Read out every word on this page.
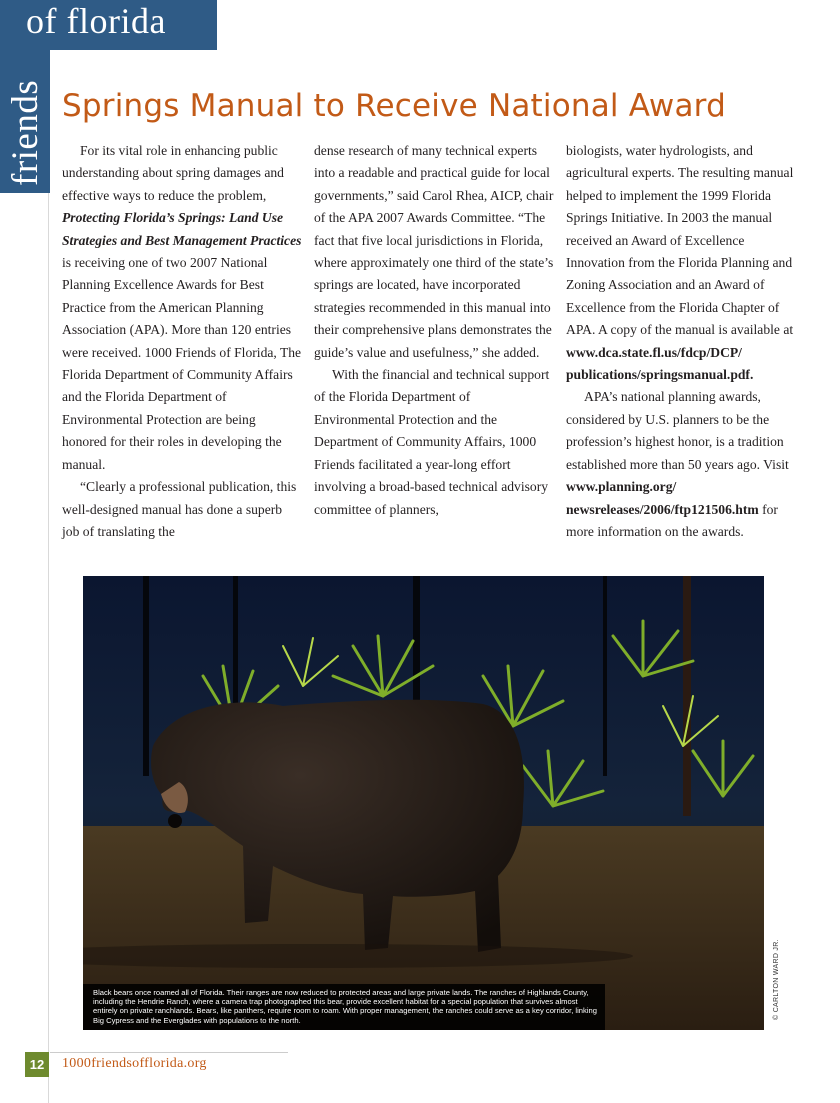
of florida
friends Springs Manual to Receive National Award

For its vital role in enhancing public understanding about spring damages and effective ways to reduce the problem, Protecting Florida’s Springs: Land Use Strategies and Best Management Practices is receiving one of two 2007 National Planning Excellence Awards for Best Practice from the American Planning Association (APA). More than 120 entries were received. 1000 Friends of Florida, The Florida Department of Community Affairs and the Florida Department of Environmental Protection are being honored for their roles in developing the manual.

“Clearly a professional publication, this well-designed manual has done a superb job of translating the

dense research of many technical experts into a readable and practical guide for local governments,” said Carol Rhea, AICP, chair of the APA 2007 Awards Committee. “The fact that five local jurisdictions in Florida, where approximately one third of the state’s springs are located, have incorporated strategies recommended in this manual into their comprehensive plans demonstrates the guide’s value and usefulness,” she added.

With the financial and technical support of the Florida Department of Environmental Protection and the Department of Community Affairs, 1000 Friends facilitated a year-long effort involving a broad-based technical advisory committee of planners,

biologists, water hydrologists, and agricultural experts. The resulting manual helped to implement the 1999 Florida Springs Initiative. In 2003 the manual received an Award of Excellence Innovation from the Florida Planning and Zoning Association and an Award of Excellence from the Florida Chapter of APA. A copy of the manual is available at www.dca.state.fl.us/fdcp/DCP/ publications/springsmanual.pdf.

APA’s national planning awards, considered by U.S. planners to be the profession’s highest honor, is a tradition established more than 50 years ago. Visit www.planning.org/ newsreleases/2006/ftp121506.htm for more information on the awards.

Black bears once roamed all of Florida. Their ranges are now reduced to protected areas and large private lands. The ranches of Highlands County, including the Hendrie Ranch, where a camera trap photographed this bear, provide excellent habitat for a special population that survives almost entirely on private ranchlands. Bears, like panthers, require room to roam. With proper management, the ranches could serve as a key corridor, linking Big Cypress and the Everglades with populations to the north.
© CARLTON WARD JR.
12	1000friendsofflorida.org
